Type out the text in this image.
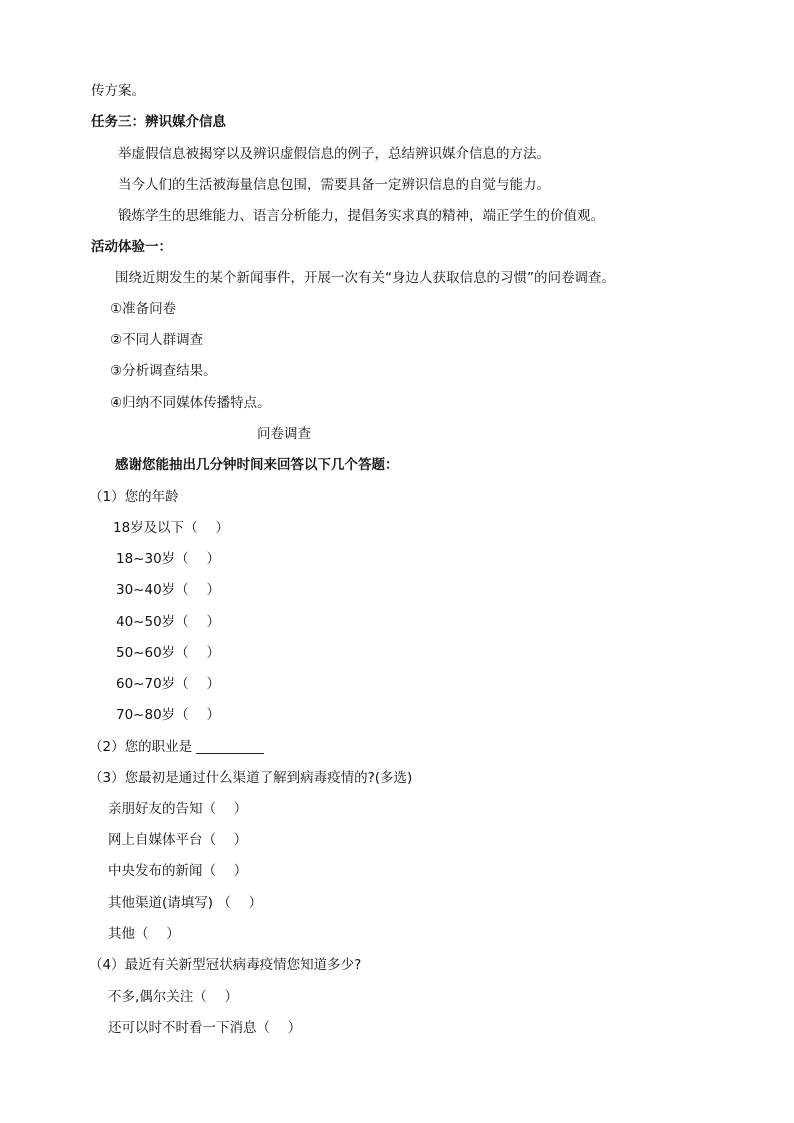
传方案。
任务三：辨识媒介信息
举虚假信息被揭穿以及辨识虚假信息的例子，总结辨识媒介信息的方法。
当今人们的生活被海量信息包围，需要具备一定辨识信息的自觉与能力。
锻炼学生的思维能力、语言分析能力，提倡务实求真的精神，端正学生的价值观。
活动体验一：
围绕近期发生的某个新闻事件，开展一次有关“身边人获取信息的习惯”的问卷调查。
①准备问卷
②不同人群调查
③分析调查结果。
④归纳不同媒体传播特点。
问卷调查
感谢您能抽出几分钟时间来回答以下几个答题：
（1）您的年龄
18岁及以下（　 ）
18~30岁（　 ）
30~40岁（　 ）
40~50岁（　 ）
50~60岁（　 ）
60~70岁（　 ）
70~80岁（　 ）
（2）您的职业是 __________
（3）您最初是通过什么渠道了解到病毒疫情的?(多选)
亲朋好友的告知（　 ）
网上自媒体平台（　 ）
中央发布的新闻（　 ）
其他渠道(请填写) （　 ）
其他（　 ）
（4）最近有关新型冠状病毒疫情您知道多少?
不多,偶尔关注（　 ）
还可以时不时看一下消息（　 ）
